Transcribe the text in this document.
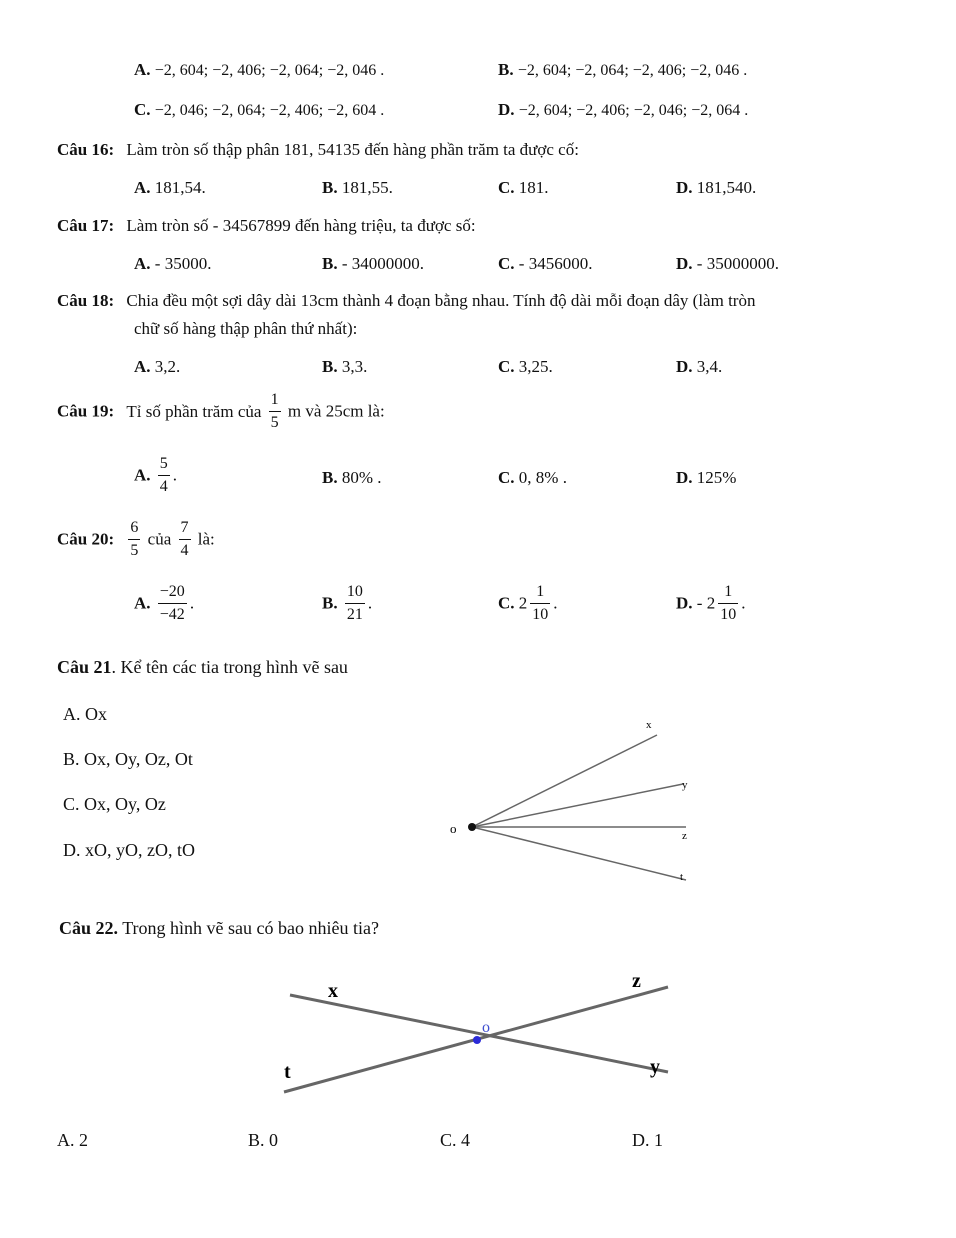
A. −2, 604; −2, 406; −2, 064; −2, 046 .	B. −2, 604; −2, 064; −2, 406; −2, 046 .
C. −2, 046; −2, 064; −2, 406; −2, 604 .	D. −2, 604; −2, 406; −2, 046; −2, 064 .
Câu 16: Làm tròn số thập phân 181, 54135 đến hàng phần trăm ta được cố:
A. 181,54.	B. 181,55.	C. 181.	D. 181,540.
Câu 17: Làm tròn số - 34567899 đến hàng triệu, ta được số:
A. - 35000.	B. - 34000000.	C. - 3456000.	D. - 35000000.
Câu 18: Chia đều một sợi dây dài 13cm thành 4 đoạn bằng nhau. Tính độ dài mỗi đoạn dây (làm tròn
chữ số hàng thập phân thứ nhất):
A. 3,2.	B. 3,3.	C. 3,25.	D. 3,4.
Câu 19: Tỉ số phần trăm của $\frac{1}{5}$ m và 25cm là:
A. $\frac{5}{4}$ .	B. 80% .	C. 0, 8% .	D. 125%
Câu 20: $\frac{6}{5}$ của $\frac{7}{4}$ là:
A. $\frac{-20}{-42}$ .	B. $\frac{10}{21}$ .	C. $2 \frac{1}{10}$ .	D. - $2 \frac{1}{10}$ .
Câu 21. Kể tên các tia trong hình vẽ sau
A. Ox
B. Ox, Oy, Oz, Ot
C. Ox, Oy, Oz
D. xO, yO, zO, tO
o
x
y
z
t
Câu 22. Trong hình vẽ sau có bao nhiêu tia?
x	z
o
t	y
A. 2	B. 0	C. 4	D. 1
